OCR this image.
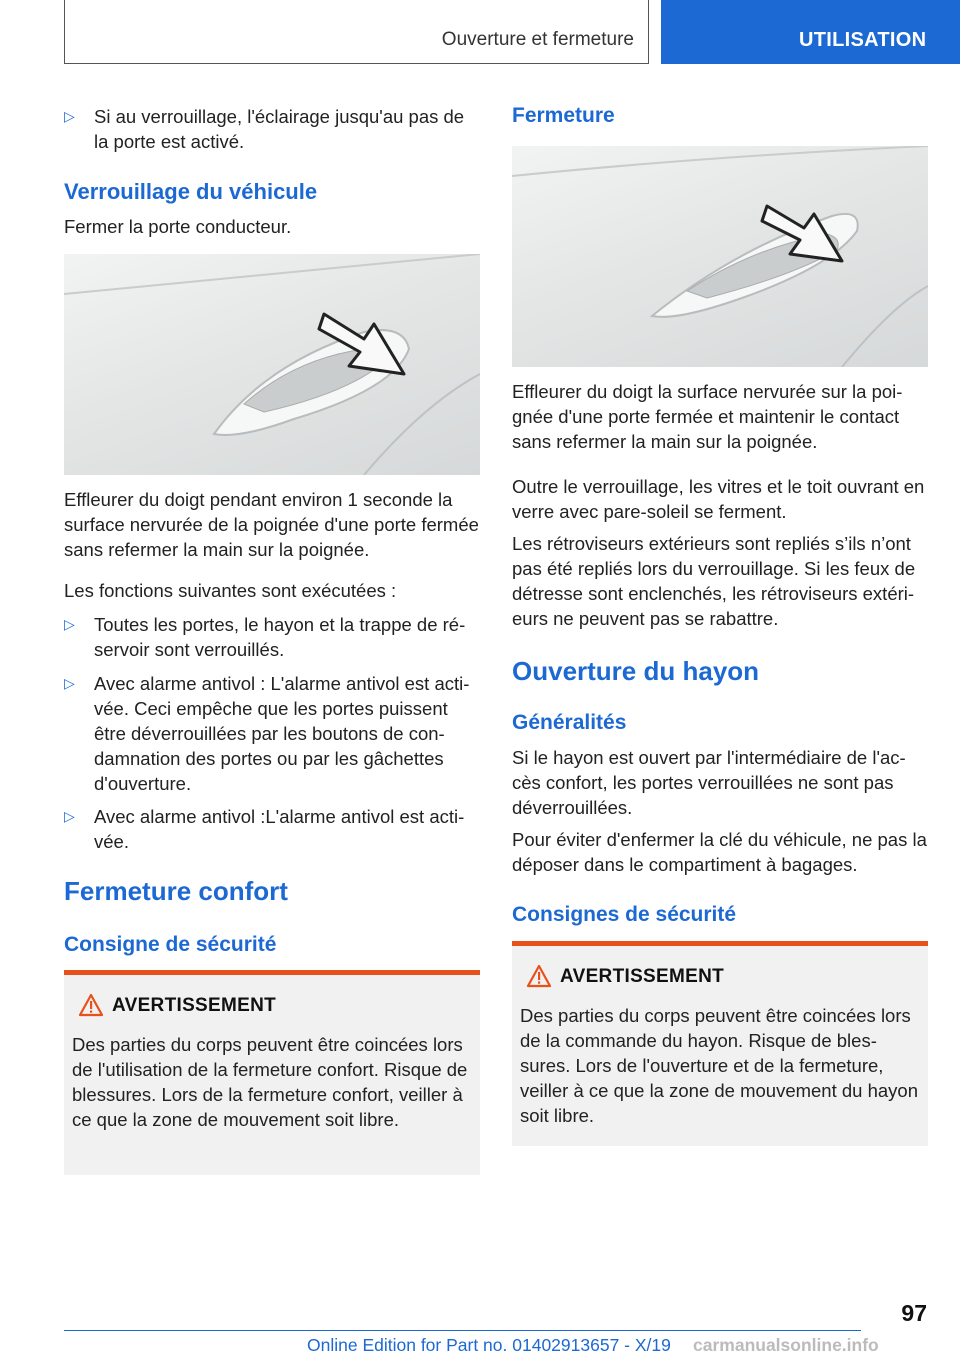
Ouverture et fermeture	UTILISATION
▷ Si au verrouillage, l'éclairage jusqu'au pas de la porte est activé.
Verrouillage du véhicule

Fermer la porte conducteur.

Effleurer du doigt pendant environ 1 seconde la surface nervurée de la poignée d'une porte fermée sans refermer la main sur la poignée.

Les fonctions suivantes sont exécutées :

▷ Toutes les portes, le hayon et la trappe de réservoir sont verrouillés.
▷ Avec alarme antivol : L'alarme antivol est activée. Ceci empêche que les portes puissent être déverrouillées par les boutons de condamnation des portes ou par les gâchettes d'ouverture.
▷ Avec alarme antivol :L'alarme antivol est activée.
Fermeture confort
Consigne de sécurité
AVERTISSEMENT
Des parties du corps peuvent être coincées lors de l'utilisation de la fermeture confort. Risque de blessures. Lors de la fermeture confort, veiller à ce que la zone de mouvement soit libre.
Fermeture

Effleurer du doigt la surface nervurée sur la poignée d'une porte fermée et maintenir le contact sans refermer la main sur la poignée.

Outre le verrouillage, les vitres et le toit ouvrant en verre avec pare-soleil se ferment.

Les rétroviseurs extérieurs sont repliés s’ils n’ont pas été repliés lors du verrouillage. Si les feux de détresse sont enclenchés, les rétroviseurs extérieurs ne peuvent pas se rabattre.

Ouverture du hayon
Généralités

Si le hayon est ouvert par l'intermédiaire de l'accès confort, les portes verrouillées ne sont pas déverrouillées.

Pour éviter d'enfermer la clé du véhicule, ne pas la déposer dans le compartiment à bagages.

Consignes de sécurité
AVERTISSEMENT
Des parties du corps peuvent être coincées lors de la commande du hayon. Risque de blessures. Lors de l'ouverture et de la fermeture, veiller à ce que la zone de mouvement du hayon soit libre.
97
Online Edition for Part no. 01402913657 - X/19 carmanualsonline.info
